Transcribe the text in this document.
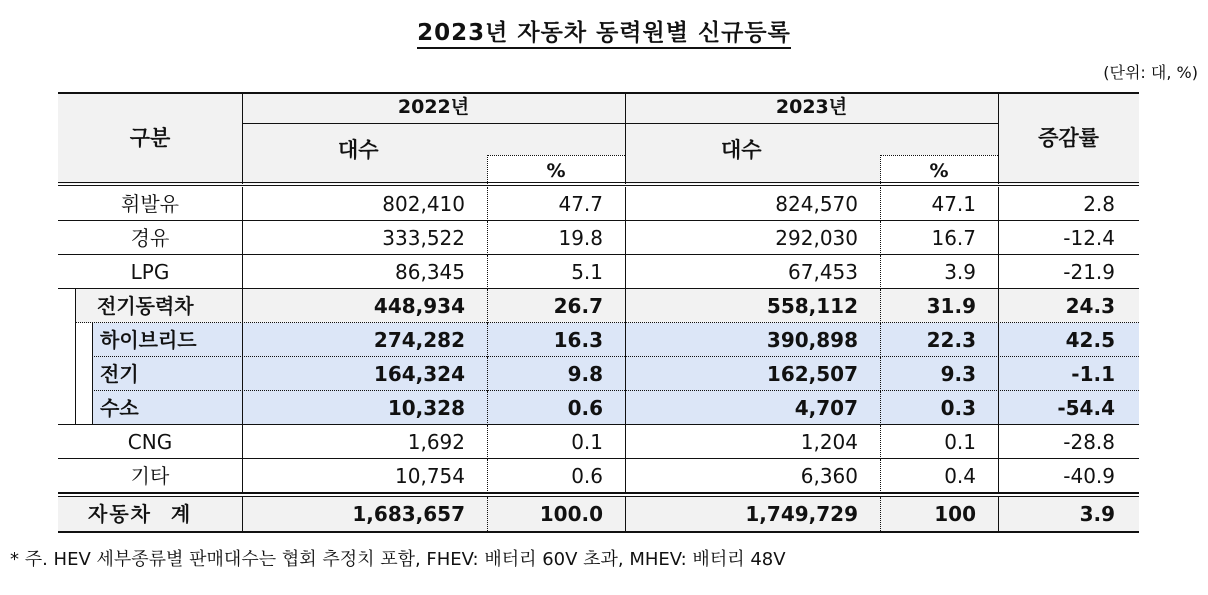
2023년 자동차 동력원별 신규등록
(단위: 대, %)
구분
2022년	2023년
대수	대수
%	%
증감률
휘발유	802,410	47.7	824,570	47.1	2.8
경유	333,522	19.8	292,030	16.7	-12.4
LPG	86,345	5.1	67,453	3.9	-21.9
전기동력차	448,934	26.7	558,112	31.9	24.3
하이브리드	274,282	16.3	390,898	22.3	42.5
전기	164,324	9.8	162,507	9.3	-1.1
수소	10,328	0.6	4,707	0.3	-54.4
CNG	1,692	0.1	1,204	0.1	-28.8
기타	10,754	0.6	6,360	0.4	-40.9
자동차 계	1,683,657	100.0	1,749,729	100	3.9
* 주. HEV 세부종류별 판매대수는 협회 추정치 포함, FHEV: 배터리 60V 초과, MHEV: 배터리 48V
